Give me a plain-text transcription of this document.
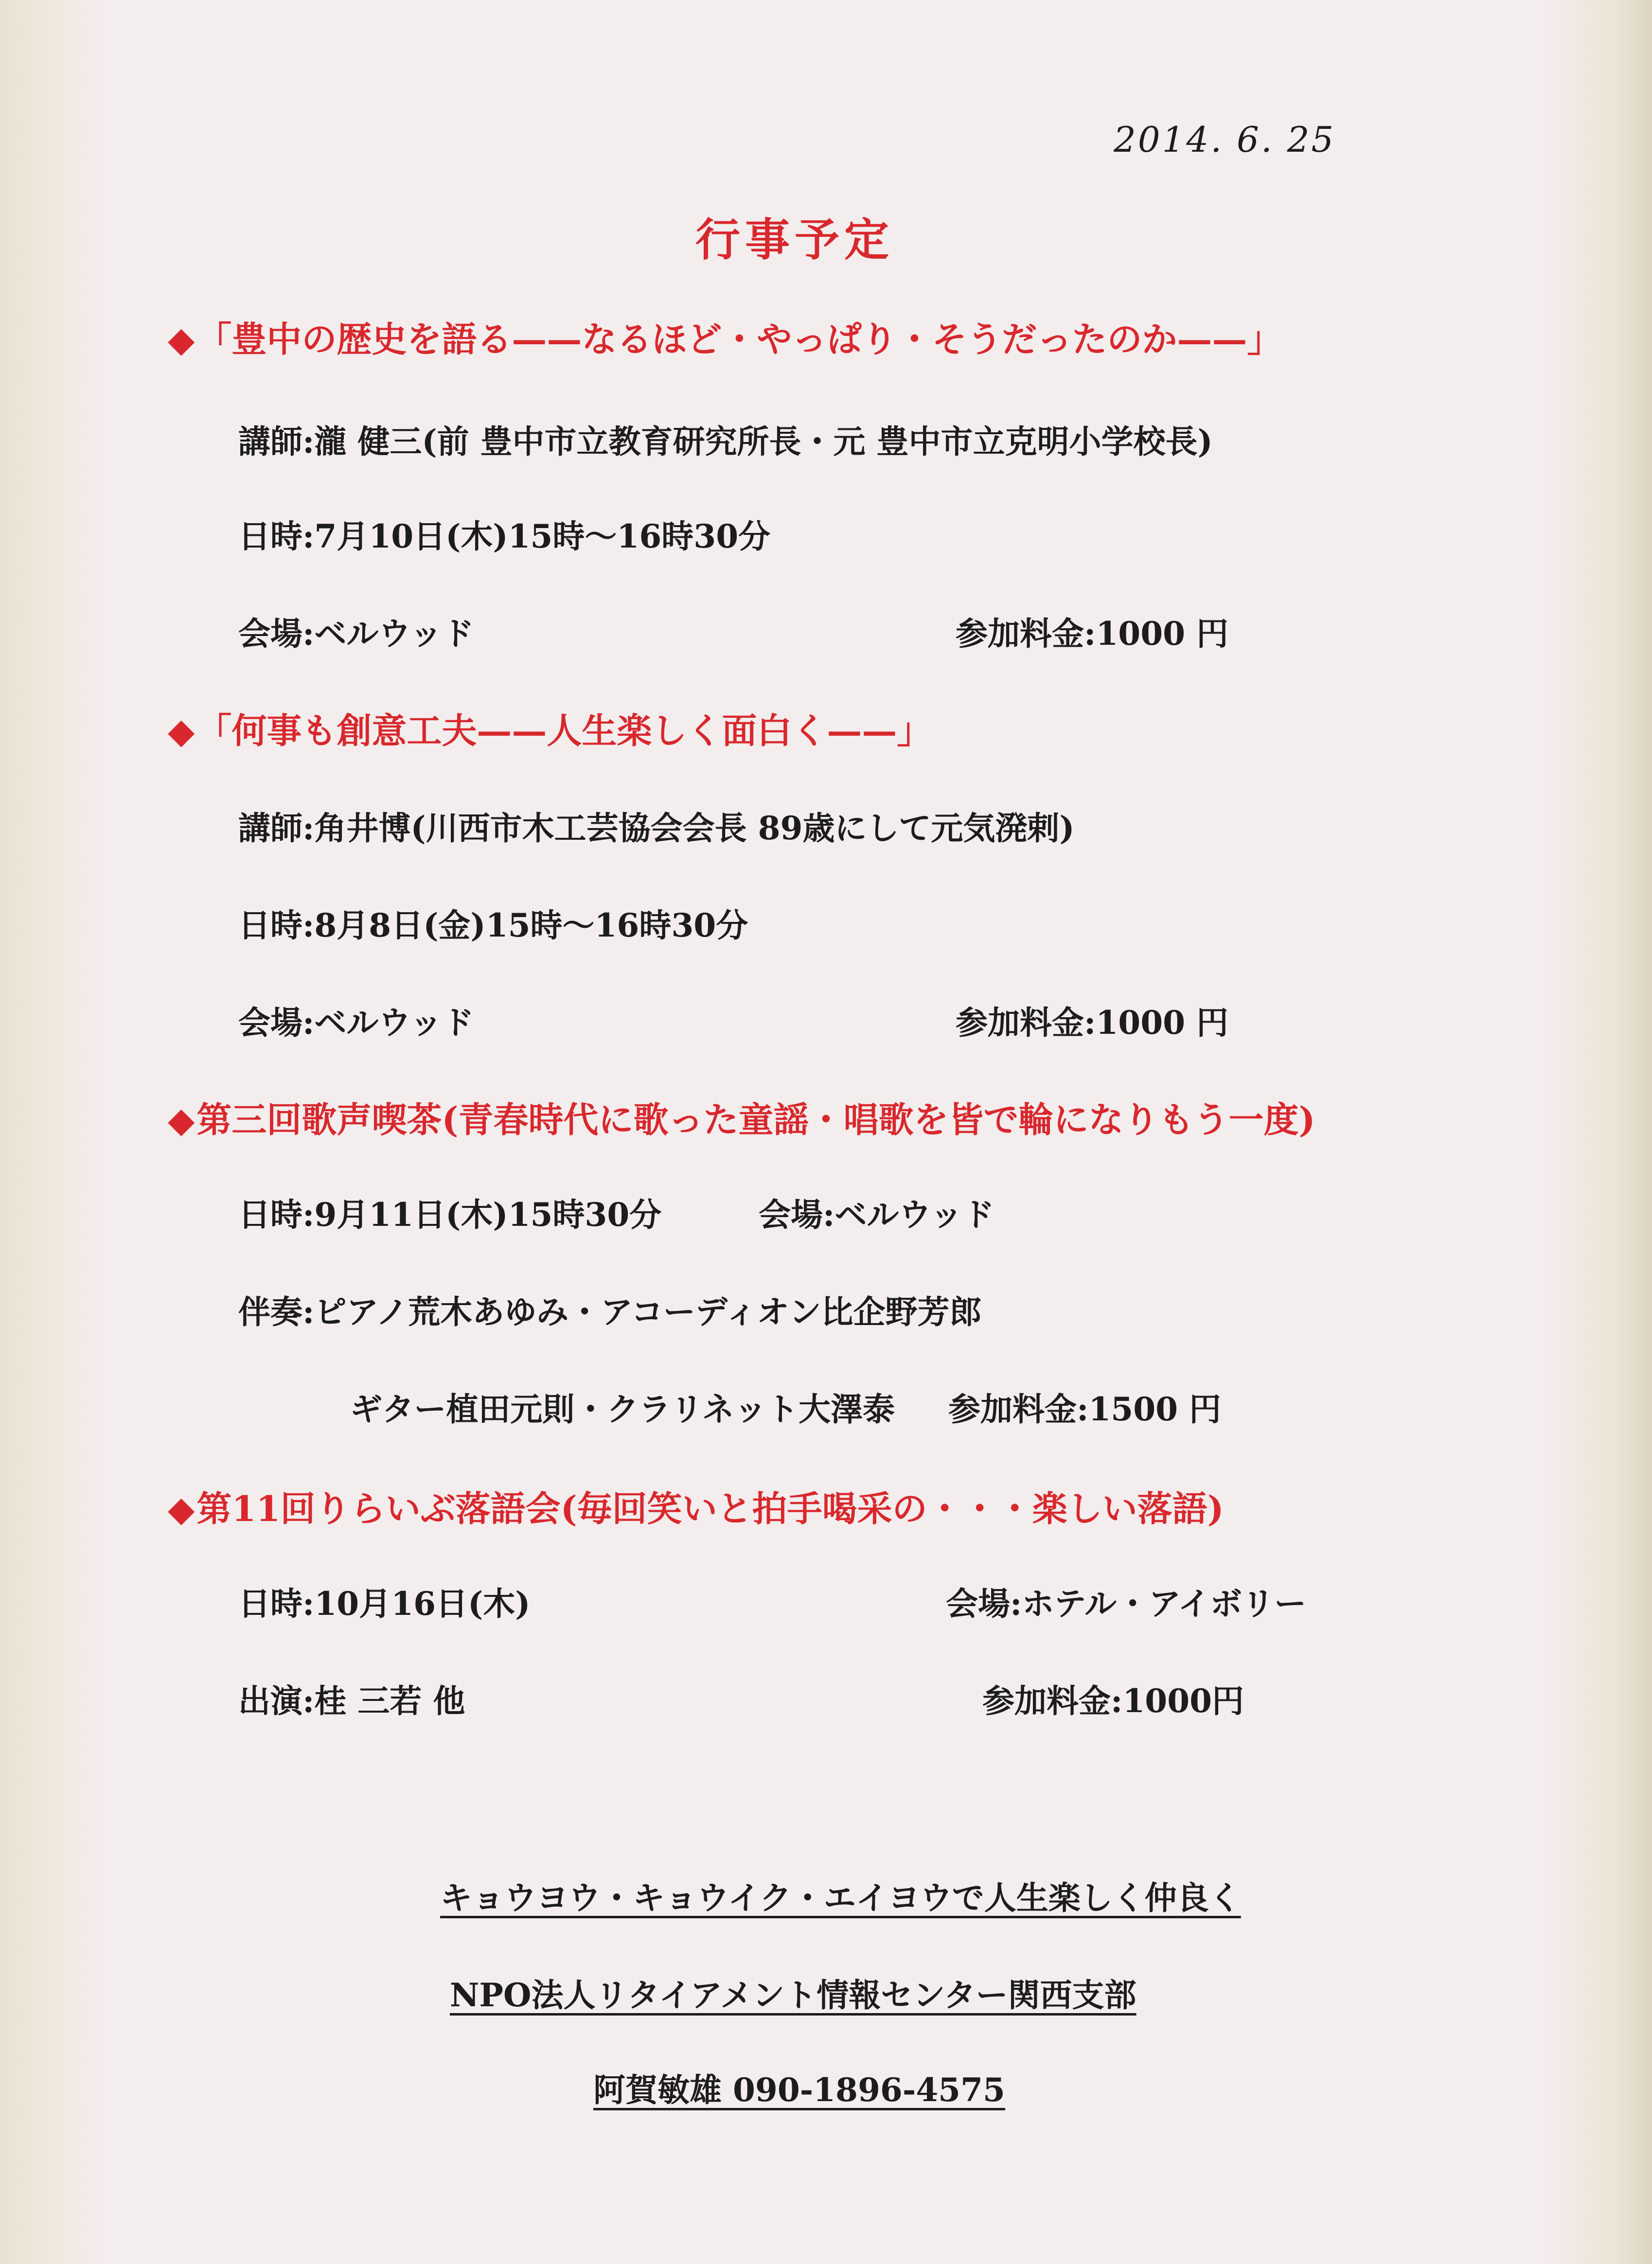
2014. 6. 25
行事予定
◆「豊中の歴史を語る——なるほど・やっぱり・そうだったのか——」
講師:瀧 健三(前 豊中市立教育研究所長・元 豊中市立克明小学校長)
日時:7月10日(木)15時～16時30分
会場:ベルウッド	参加料金:1000 円
◆「何事も創意工夫——人生楽しく面白く——」
講師:角井博(川西市木工芸協会会長 89歳にして元気溌剌)
日時:8月8日(金)15時～16時30分
会場:ベルウッド	参加料金:1000 円
◆第三回歌声喫茶(青春時代に歌った童謡・唱歌を皆で輪になりもう一度)
日時:9月11日(木)15時30分	会場:ベルウッド
伴奏:ピアノ荒木あゆみ・アコーディオン比企野芳郎
ギター植田元則・クラリネット大澤泰 参加料金:1500 円
◆第11回りらいぶ落語会(毎回笑いと拍手喝采の・・・楽しい落語)
日時:10月16日(木)	会場:ホテル・アイボリー
出演:桂 三若 他	参加料金:1000円
キョウヨウ・キョウイク・エイヨウで人生楽しく仲良く
NPO法人リタイアメント情報センター関西支部
阿賀敏雄 090-1896-4575
